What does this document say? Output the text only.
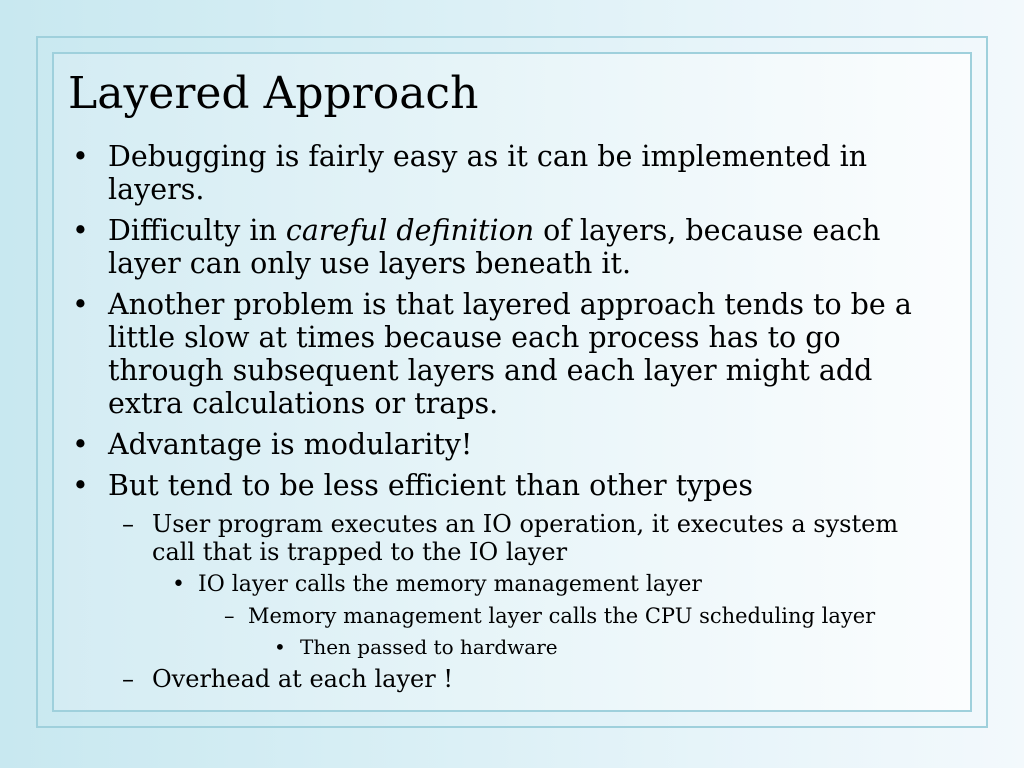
Layered Approach
• Debugging is fairly easy as it can be implemented in
layers.
• Difficulty in careful definition of layers, because each
layer can only use layers beneath it.
• Another problem is that layered approach tends to be a
little slow at times because each process has to go
through subsequent layers and each layer might add
extra calculations or traps.
• Advantage is modularity!
• But tend to be less efficient than other types
– User program executes an IO operation, it executes a system
call that is trapped to the IO layer
• IO layer calls the memory management layer
– Memory management layer calls the CPU scheduling layer
• Then passed to hardware
– Overhead at each layer !
